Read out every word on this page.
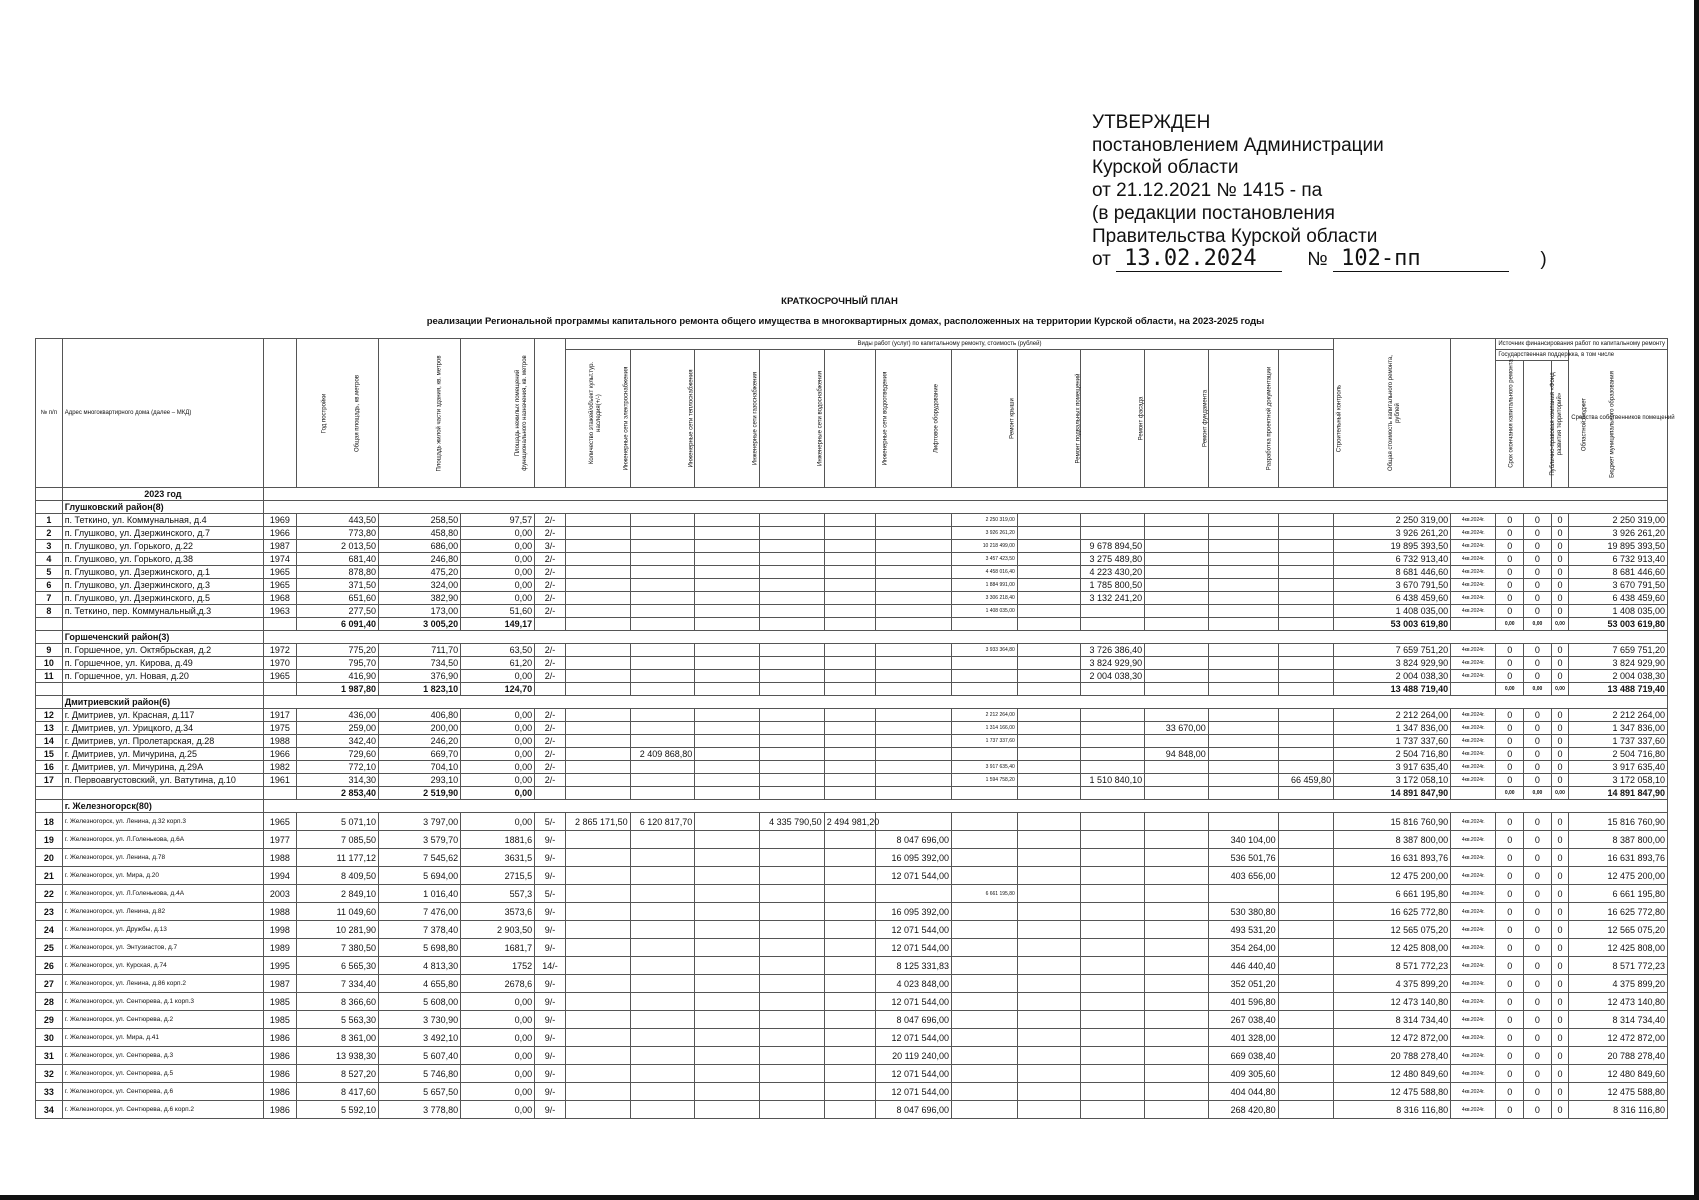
УТВЕРЖДЕН
постановлением Администрации
Курской области
от 21.12.2021 № 1415 - па
(в редакции постановления
Правительства Курской области
от 13.02.2024	№ 102-пп	)
КРАТКОСРОЧНЫЙ ПЛАН
реализации Региональной программы капитального ремонта общего имущества в многоквартирных домах, расположенных на территории Курской области, на 2023-2025 годы
№ п/п	Адрес многоквартирного дома (далее – МКД)	Год постройки	Общая площадь, кв.метров	Площадь жилой части здания, кв. метров	Площадь нежилых помещений функционального назначения, кв. метров	Количество этажей/объект культ.тур. наследия(+/-)	Виды работ (услуг) по капитальному ремонту, стоимость (рублей)												Общая стоимость капитального ремонта, рублей	Срок окончания капитального ремонта	Источник финансирования работ по капитальному ремонту			
							Инженерные сети электроснабжения	Инженерные сети теплоснабжения	Инженерные сети газоснабжения	Инженерные сети водоснабжения	Инженерные сети водоотведения	Лифтовое оборудование	Ремонт крыши	Ремонт подвальных помещений	Ремонт фасада	Ремонт фундамента	Разработка проектной документации	Строительный контроль			Государственная поддержка, в том числе			Средства собственников помещений
																					Публично-правовая компания «Фонд развития территорий»	Областной бюджет	Бюджет муниципального образования	
	2023 год																							
	Глушковский район(8)																							
1	п. Теткино, ул. Коммунальная, д.4	1969	443,50	258,50	97,57	2/-							2 250 319,00						2 250 319,00	4кв.2024г.	0	0	0	2 250 319,00
2	п. Глушково, ул. Дзержинского, д.7	1966	773,80	458,80	0,00	2/-							3 926 261,20						3 926 261,20	4кв.2024г.	0	0	0	3 926 261,20
3	п. Глушково, ул. Горького, д.22	1987	2 013,50	686,00	0,00	3/-							10 218 499,00		9 678 894,50				19 895 393,50	4кв.2024г.	0	0	0	19 895 393,50
4	п. Глушково, ул. Горького, д.38	1974	681,40	246,80	0,00	2/-							3 457 423,50		3 275 489,80				6 732 913,40	4кв.2024г.	0	0	0	6 732 913,40
5	п. Глушково, ул. Дзержинского, д.1	1965	878,80	475,20	0,00	2/-							4 458 016,40		4 223 430,20				8 681 446,60	4кв.2024г.	0	0	0	8 681 446,60
6	п. Глушково, ул. Дзержинского, д.3	1965	371,50	324,00	0,00	2/-							1 884 991,00		1 785 800,50				3 670 791,50	4кв.2024г.	0	0	0	3 670 791,50
7	п. Глушково, ул. Дзержинского, д.5	1968	651,60	382,90	0,00	2/-							3 306 218,40		3 132 241,20				6 438 459,60	4кв.2024г.	0	0	0	6 438 459,60
8	п. Теткино, пер. Коммунальный,д.3	1963	277,50	173,00	51,60	2/-							1 408 035,00						1 408 035,00	4кв.2024г.	0	0	0	1 408 035,00
			6 091,40	3 005,20	149,17														53 003 619,80		0,00	0,00	0,00	53 003 619,80
	Горшеченский район(3)																							
9	п. Горшечное, ул. Октябрьская, д.2	1972	775,20	711,70	63,50	2/-							3 933 364,80		3 726 386,40				7 659 751,20	4кв.2024г.	0	0	0	7 659 751,20
10	п. Горшечное, ул. Кирова, д.49	1970	795,70	734,50	61,20	2/-									3 824 929,90				3 824 929,90	4кв.2024г.	0	0	0	3 824 929,90
11	п. Горшечное, ул. Новая, д.20	1965	416,90	376,90	0,00	2/-									2 004 038,30				2 004 038,30	4кв.2024г.	0	0	0	2 004 038,30
			1 987,80	1 823,10	124,70														13 488 719,40		0,00	0,00	0,00	13 488 719,40
	Дмитриевский район(6)																							
12	г. Дмитриев, ул. Красная, д.117	1917	436,00	406,80	0,00	2/-							2 212 264,00						2 212 264,00	4кв.2024г.	0	0	0	2 212 264,00
13	г. Дмитриев, ул. Урицкого, д.34	1975	259,00	200,00	0,00	2/-							1 314 166,00			33 670,00			1 347 836,00	4кв.2024г.	0	0	0	1 347 836,00
14	г. Дмитриев, ул. Пролетарская, д.28	1988	342,40	246,20	0,00	2/-							1 737 337,60						1 737 337,60	4кв.2024г.	0	0	0	1 737 337,60
15	г. Дмитриев, ул. Мичурина, д.25	1966	729,60	669,70	0,00	2/-		2 409 868,80								94 848,00			2 504 716,80	4кв.2024г.	0	0	0	2 504 716,80
16	г. Дмитриев, ул. Мичурина, д.29А	1982	772,10	704,10	0,00	2/-							3 917 635,40						3 917 635,40	4кв.2024г.	0	0	0	3 917 635,40
17	п. Первоавгустовский, ул. Ватутина, д.10	1961	314,30	293,10	0,00	2/-							1 594 758,20		1 510 840,10			66 459,80	3 172 058,10	4кв.2024г.	0	0	0	3 172 058,10
			2 853,40	2 519,90	0,00														14 891 847,90		0,00	0,00	0,00	14 891 847,90
	г. Железногорск(80)																							
18	г. Железногорск, ул. Ленина, д.32 корп.3	1965	5 071,10	3 797,00	0,00	5/-	2 865 171,50	6 120 817,70		4 335 790,50	2 494 981,20								15 816 760,90	4кв.2024г.	0	0	0	15 816 760,90
19	г. Железногорск, ул. Л.Голенькова, д.6А	1977	7 085,50	3 579,70	1881,6	9/-						8 047 696,00					340 104,00		8 387 800,00	4кв.2024г.	0	0	0	8 387 800,00
20	г. Железногорск, ул. Ленина, д.78	1988	11 177,12	7 545,62	3631,5	9/-						16 095 392,00					536 501,76		16 631 893,76	4кв.2024г.	0	0	0	16 631 893,76
21	г. Железногорск, ул. Мира, д.20	1994	8 409,50	5 694,00	2715,5	9/-						12 071 544,00					403 656,00		12 475 200,00	4кв.2024г.	0	0	0	12 475 200,00
22	г. Железногорск, ул. Л.Голенькова, д.4А	2003	2 849,10	1 016,40	557,3	5/-							6 661 195,80						6 661 195,80	4кв.2024г.	0	0	0	6 661 195,80
23	г. Железногорск, ул. Ленина, д.82	1988	11 049,60	7 476,00	3573,6	9/-						16 095 392,00					530 380,80		16 625 772,80	4кв.2024г.	0	0	0	16 625 772,80
24	г. Железногорск, ул. Дружбы, д.13	1998	10 281,90	7 378,40	2 903,50	9/-						12 071 544,00					493 531,20		12 565 075,20	4кв.2024г.	0	0	0	12 565 075,20
25	г. Железногорск, ул. Энтузиастов, д.7	1989	7 380,50	5 698,80	1681,7	9/-						12 071 544,00					354 264,00		12 425 808,00	4кв.2024г.	0	0	0	12 425 808,00
26	г. Железногорск, ул. Курская, д.74	1995	6 565,30	4 813,30	1752	14/-						8 125 331,83					446 440,40		8 571 772,23	4кв.2024г.	0	0	0	8 571 772,23
27	г. Железногорск, ул. Ленина, д.86 корп.2	1987	7 334,40	4 655,80	2678,6	9/-						4 023 848,00					352 051,20		4 375 899,20	4кв.2024г.	0	0	0	4 375 899,20
28	г. Железногорск, ул. Сентюрева, д.1 корп.3	1985	8 366,60	5 608,00	0,00	9/-						12 071 544,00					401 596,80		12 473 140,80	4кв.2024г.	0	0	0	12 473 140,80
29	г. Железногорск, ул. Сентюрева, д.2	1985	5 563,30	3 730,90	0,00	9/-						8 047 696,00					267 038,40		8 314 734,40	4кв.2024г.	0	0	0	8 314 734,40
30	г. Железногорск, ул. Мира, д.41	1986	8 361,00	3 492,10	0,00	9/-						12 071 544,00					401 328,00		12 472 872,00	4кв.2024г.	0	0	0	12 472 872,00
31	г. Железногорск, ул. Сентюрева, д.3	1986	13 938,30	5 607,40	0,00	9/-						20 119 240,00					669 038,40		20 788 278,40	4кв.2024г.	0	0	0	20 788 278,40
32	г. Железногорск, ул. Сентюрева, д.5	1986	8 527,20	5 746,80	0,00	9/-						12 071 544,00					409 305,60		12 480 849,60	4кв.2024г.	0	0	0	12 480 849,60
33	г. Железногорск, ул. Сентюрева, д.6	1986	8 417,60	5 657,50	0,00	9/-						12 071 544,00					404 044,80		12 475 588,80	4кв.2024г.	0	0	0	12 475 588,80
34	г. Железногорск, ул. Сентюрева, д.6 корп.2	1986	5 592,10	3 778,80	0,00	9/-						8 047 696,00					268 420,80		8 316 116,80	4кв.2024г.	0	0	0	8 316 116,80
